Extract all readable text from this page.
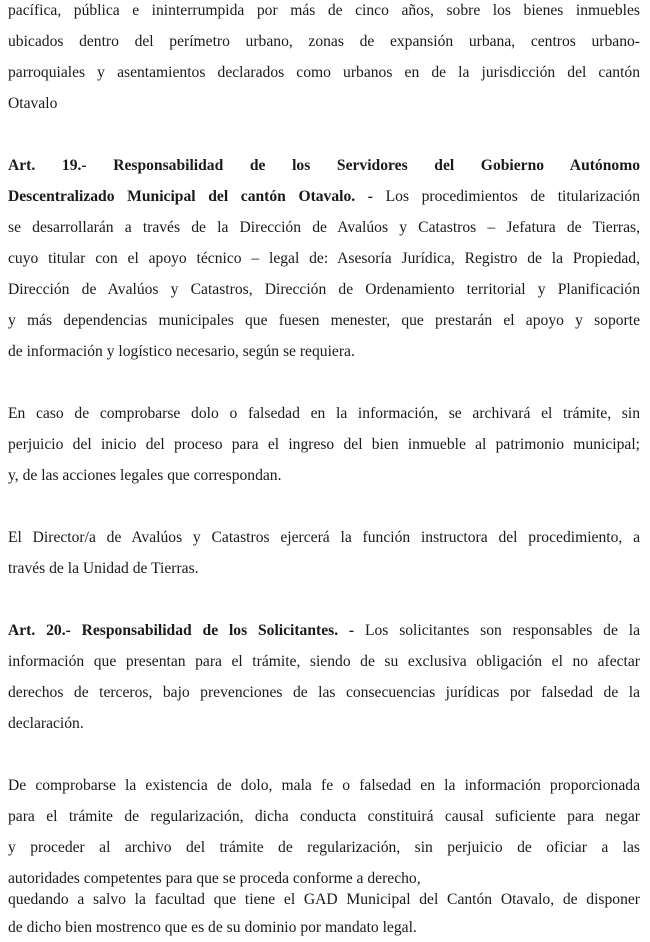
pacífica, pública e ininterrumpida por más de cinco años, sobre los bienes inmuebles
ubicados dentro del perímetro urbano, zonas de expansión urbana, centros urbano-
parroquiales y asentamientos declarados como urbanos en de la jurisdicción del cantón
Otavalo
Art. 19.- Responsabilidad de los Servidores del Gobierno Autónomo
Descentralizado Municipal del cantón Otavalo. - Los procedimientos de titularización
se desarrollarán a través de la Dirección de Avalúos y Catastros – Jefatura de Tierras,
cuyo titular con el apoyo técnico – legal de: Asesoría Jurídica, Registro de la Propiedad,
Dirección de Avalúos y Catastros, Dirección de Ordenamiento territorial y Planificación
y más dependencias municipales que fuesen menester, que prestarán el apoyo y soporte
de información y logístico necesario, según se requiera.
En caso de comprobarse dolo o falsedad en la información, se archivará el trámite, sin
perjuicio del inicio del proceso para el ingreso del bien inmueble al patrimonio municipal;
y, de las acciones legales que correspondan.
El Director/a de Avalúos y Catastros ejercerá la función instructora del procedimiento, a
través de la Unidad de Tierras.
Art. 20.- Responsabilidad de los Solicitantes. - Los solicitantes son responsables de la
información que presentan para el trámite, siendo de su exclusiva obligación el no afectar
derechos de terceros, bajo prevenciones de las consecuencias jurídicas por falsedad de la
declaración.
De comprobarse la existencia de dolo, mala fe o falsedad en la información proporcionada
para el trámite de regularización, dicha conducta constituirá causal suficiente para negar
y proceder al archivo del trámite de regularización, sin perjuicio de oficiar a las
autoridades competentes para que se proceda conforme a derecho,
quedando a salvo la facultad que tiene el GAD Municipal del Cantón Otavalo, de disponer
de dicho bien mostrenco que es de su dominio por mandato legal.
